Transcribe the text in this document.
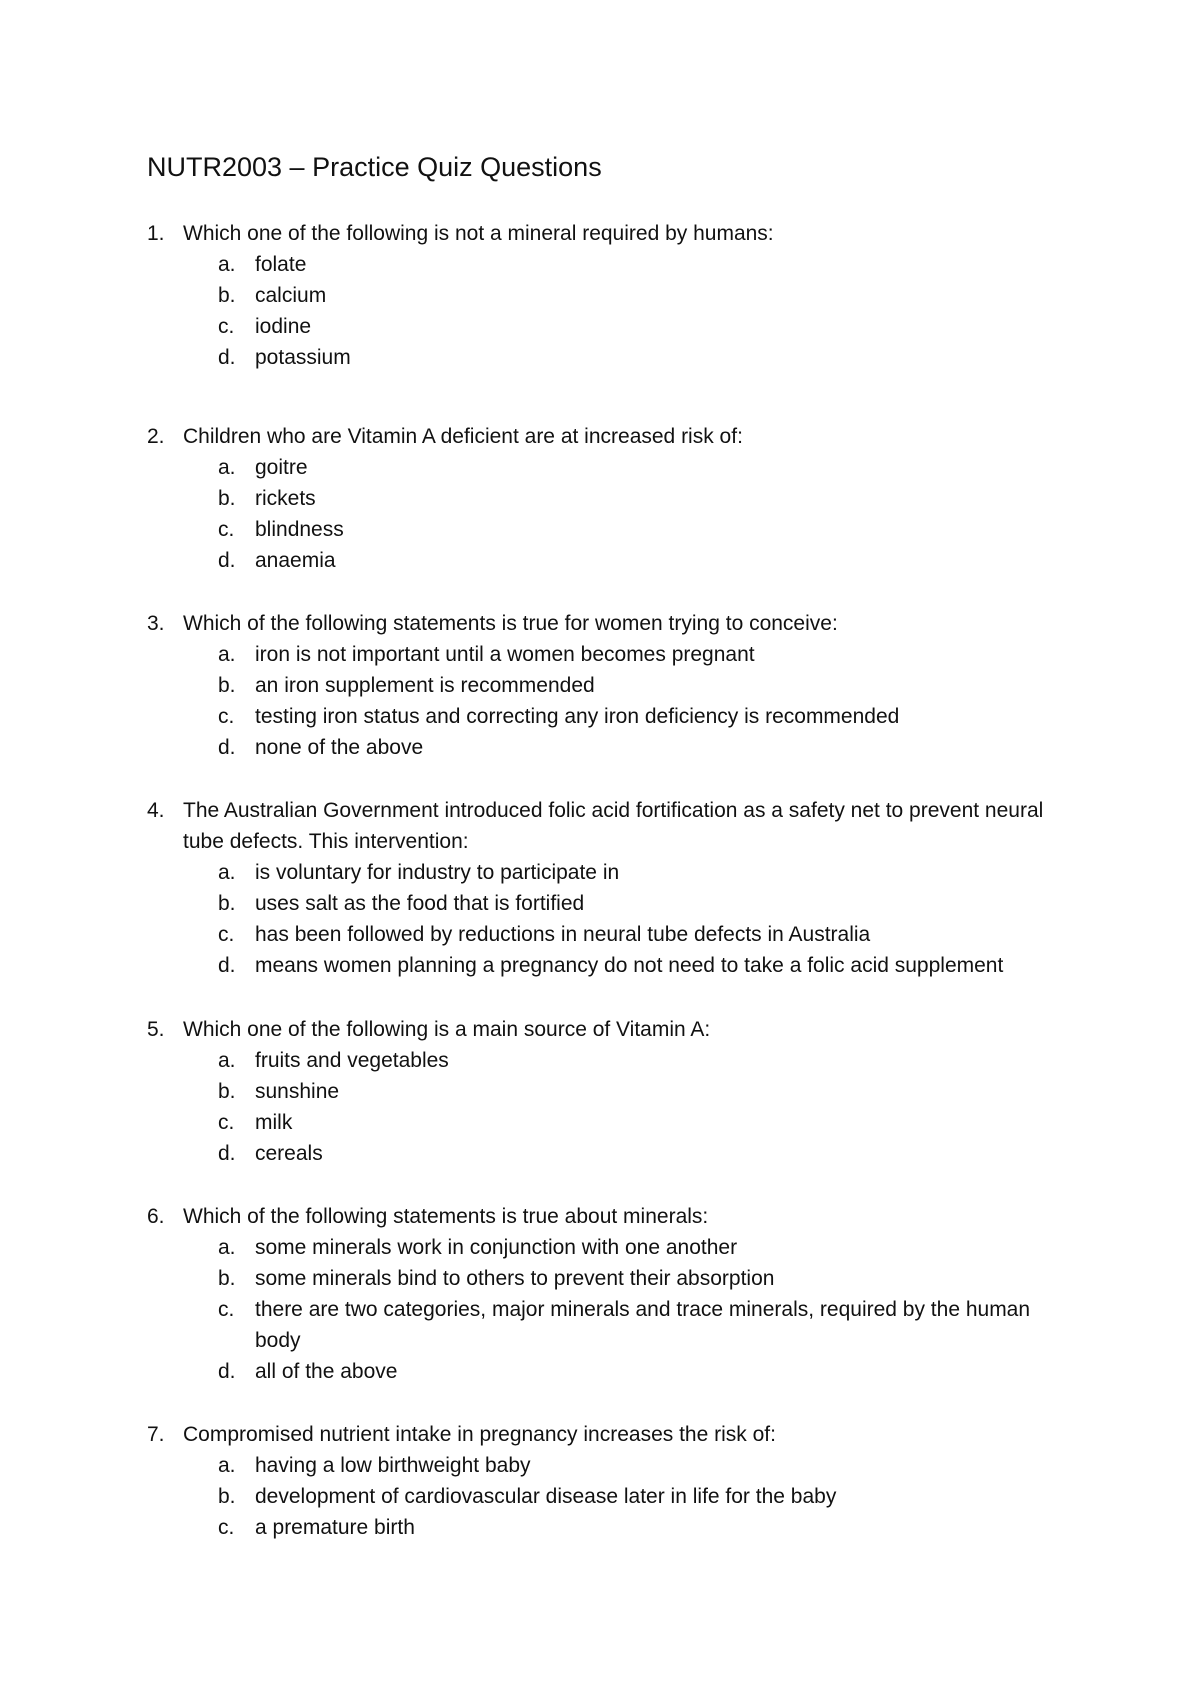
NUTR2003 – Practice Quiz Questions
1. Which one of the following is not a mineral required by humans:
a. folate
b. calcium
c. iodine
d. potassium
2. Children who are Vitamin A deficient are at increased risk of:
a. goitre
b. rickets
c. blindness
d. anaemia
3. Which of the following statements is true for women trying to conceive:
a. iron is not important until a women becomes pregnant
b. an iron supplement is recommended
c. testing iron status and correcting any iron deficiency is recommended
d. none of the above
4. The Australian Government introduced folic acid fortification as a safety net to prevent neural tube defects. This intervention:
a. is voluntary for industry to participate in
b. uses salt as the food that is fortified
c. has been followed by reductions in neural tube defects in Australia
d. means women planning a pregnancy do not need to take a folic acid supplement
5. Which one of the following is a main source of Vitamin A:
a. fruits and vegetables
b. sunshine
c. milk
d. cereals
6. Which of the following statements is true about minerals:
a. some minerals work in conjunction with one another
b. some minerals bind to others to prevent their absorption
c. there are two categories, major minerals and trace minerals, required by the human body
d. all of the above
7. Compromised nutrient intake in pregnancy increases the risk of:
a. having a low birthweight baby
b. development of cardiovascular disease later in life for the baby
c. a premature birth
